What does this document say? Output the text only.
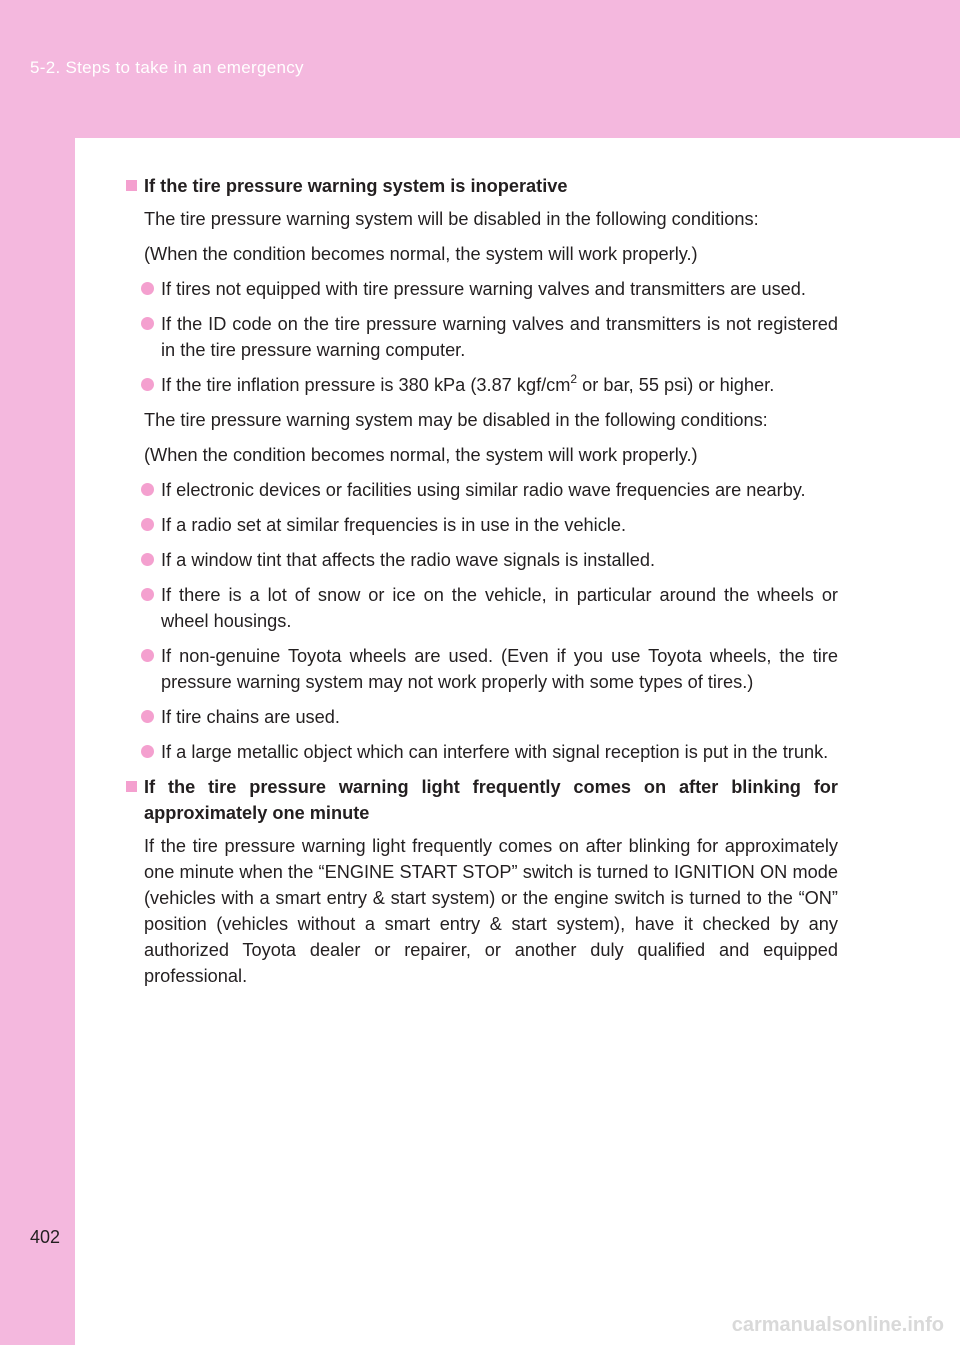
5-2. Steps to take in an emergency
402

If the tire pressure warning system is inoperative

The tire pressure warning system will be disabled in the following conditions:

(When the condition becomes normal, the system will work properly.)

If tires not equipped with tire pressure warning valves and transmitters are used.

If the ID code on the tire pressure warning valves and transmitters is not registered in the tire pressure warning computer.

If the tire inflation pressure is 380 kPa (3.87 kgf/$cm^2$ or bar, 55 psi) or higher.

The tire pressure warning system may be disabled in the following conditions:

(When the condition becomes normal, the system will work properly.)

If electronic devices or facilities using similar radio wave frequencies are nearby.

If a radio set at similar frequencies is in use in the vehicle.

If a window tint that affects the radio wave signals is installed.

If there is a lot of snow or ice on the vehicle, in particular around the wheels or wheel housings.

If non-genuine Toyota wheels are used. (Even if you use Toyota wheels, the tire pressure warning system may not work properly with some types of tires.)

If tire chains are used.

If a large metallic object which can interfere with signal reception is put in the trunk.

If the tire pressure warning light frequently comes on after blinking for approximately one minute

If the tire pressure warning light frequently comes on after blinking for approximately one minute when the “ENGINE START STOP” switch is turned to IGNITION ON mode (vehicles with a smart entry & start system) or the engine switch is turned to the “ON” position (vehicles without a smart entry & start system), have it checked by any authorized Toyota dealer or repairer, or another duly qualified and equipped professional.

carmanualsonline.info
